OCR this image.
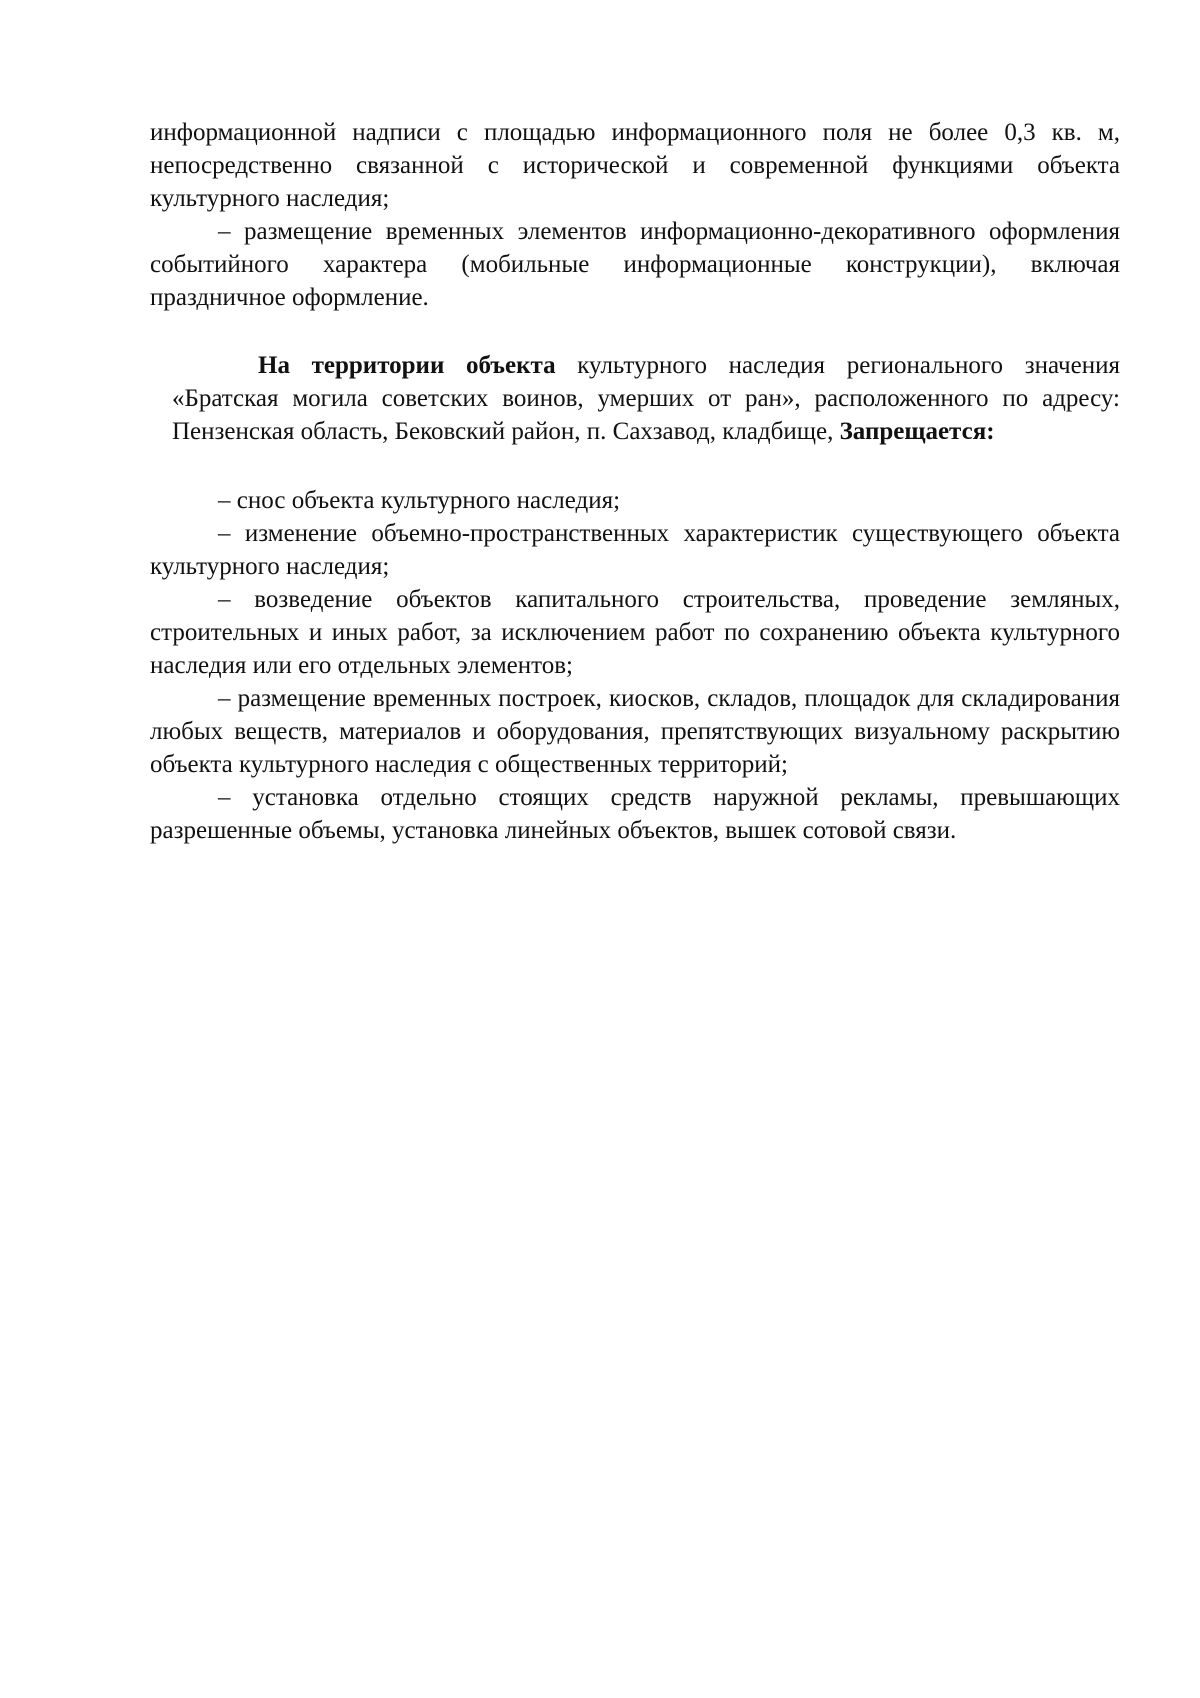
информационной надписи с площадью информационного поля не более 0,3 кв. м, непосредственно связанной с исторической и современной функциями объекта культурного наследия;

– размещение временных элементов информационно-декоративного оформления событийного характера (мобильные информационные конструкции), включая праздничное оформление.

На территории объекта культурного наследия регионального значения «Братская могила советских воинов, умерших от ран», расположенного по адресу: Пензенская область, Бековский район, п. Сахзавод, кладбище, Запрещается:

– снос объекта культурного наследия;

– изменение объемно-пространственных характеристик существующего объекта культурного наследия;

– возведение объектов капитального строительства, проведение земляных, строительных и иных работ, за исключением работ по сохранению объекта культурного наследия или его отдельных элементов;

– размещение временных построек, киосков, складов, площадок для складирования любых веществ, материалов и оборудования, препятствующих визуальному раскрытию объекта культурного наследия с общественных территорий;

– установка отдельно стоящих средств наружной рекламы, превышающих разрешенные объемы, установка линейных объектов, вышек сотовой связи.
